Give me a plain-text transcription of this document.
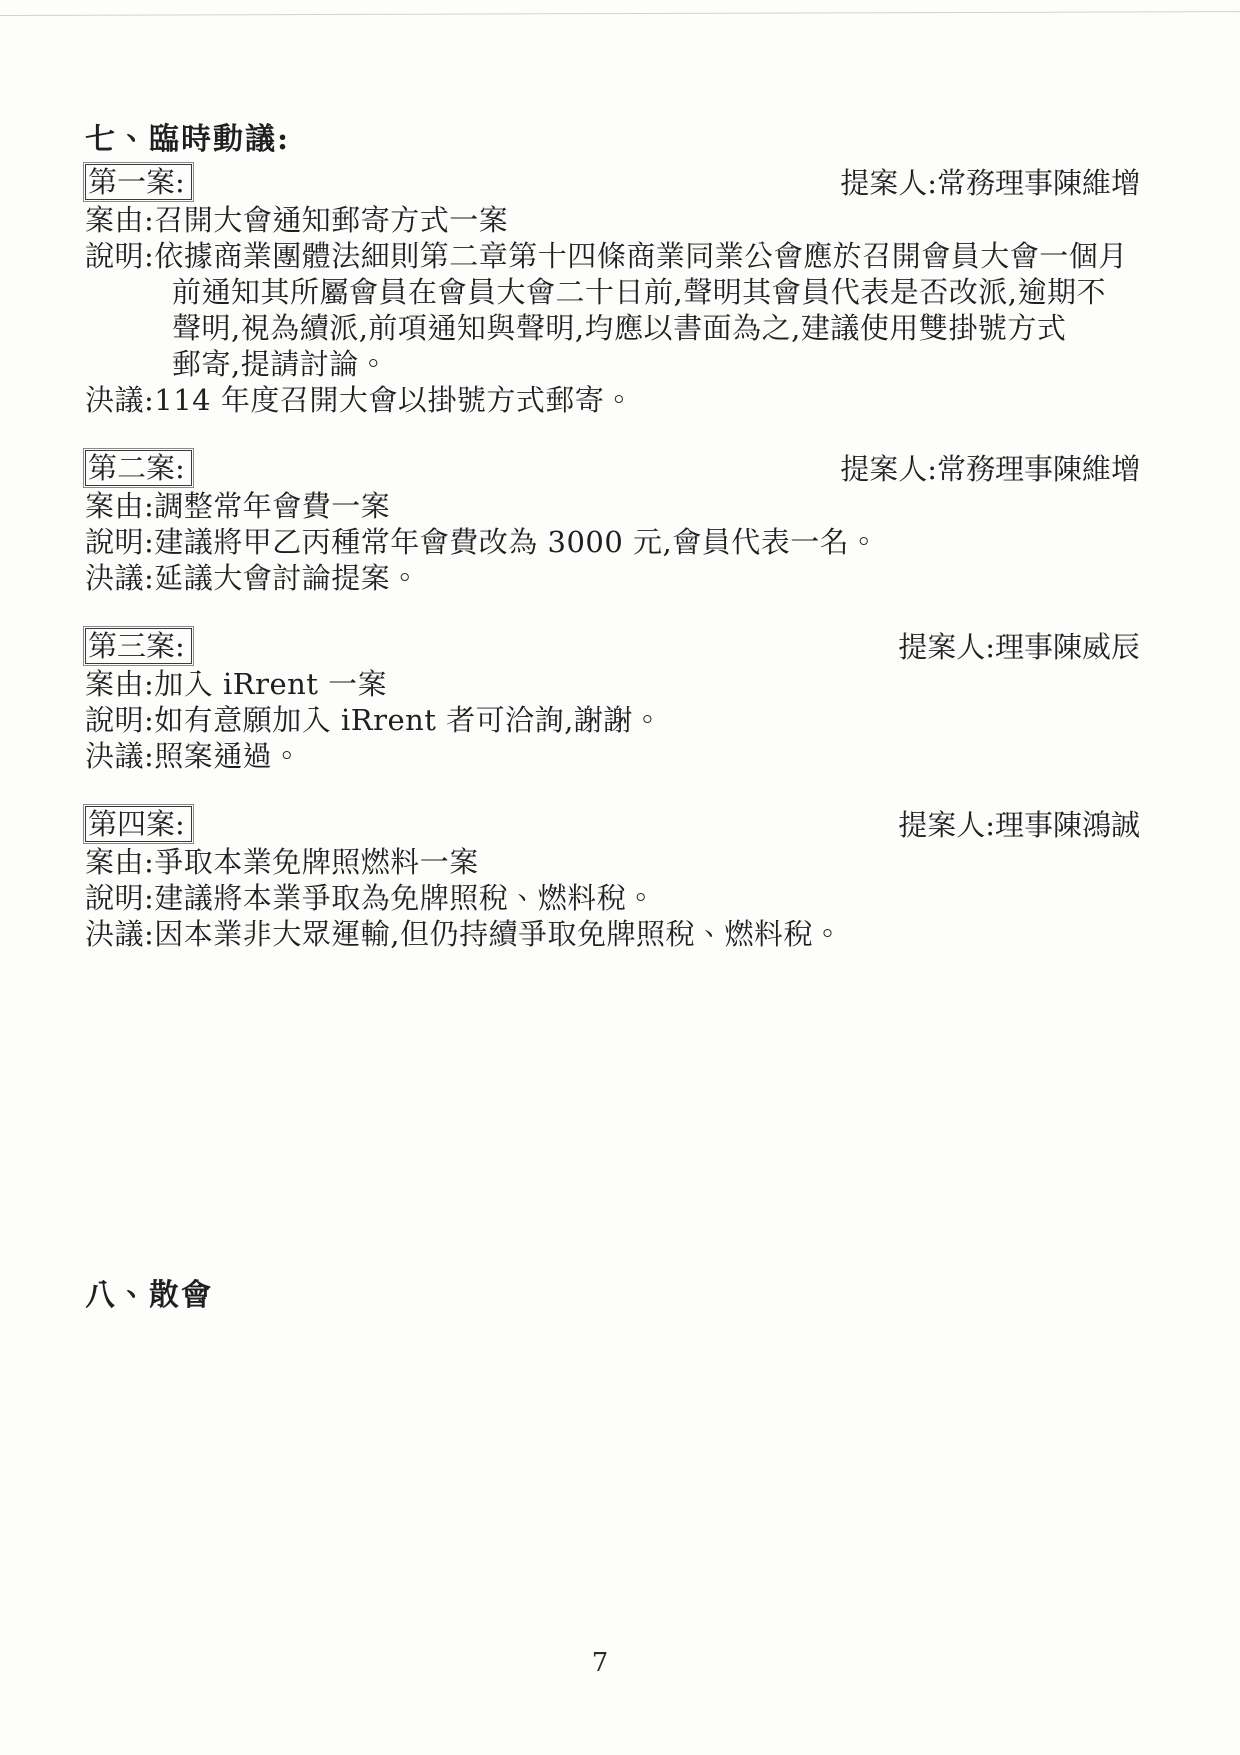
七、臨時動議:
第一案:	提案人:常務理事陳維增
案由:召開大會通知郵寄方式一案
說明:依據商業團體法細則第二章第十四條商業同業公會應於召開會員大會一個月
前通知其所屬會員在會員大會二十日前,聲明其會員代表是否改派,逾期不
聲明,視為續派,前項通知與聲明,均應以書面為之,建議使用雙掛號方式
郵寄,提請討論。
決議:114 年度召開大會以掛號方式郵寄。
第二案:	提案人:常務理事陳維增
案由:調整常年會費一案
說明:建議將甲乙丙種常年會費改為 3000 元,會員代表一名。
決議:延議大會討論提案。
第三案:	提案人:理事陳威辰
案由:加入 iRrent 一案
說明:如有意願加入 iRrent 者可洽詢,謝謝。
決議:照案通過。
第四案:	提案人:理事陳鴻誠
案由:爭取本業免牌照燃料一案
說明:建議將本業爭取為免牌照稅、燃料稅。
決議:因本業非大眾運輸,但仍持續爭取免牌照稅、燃料稅。
八、散會
7
